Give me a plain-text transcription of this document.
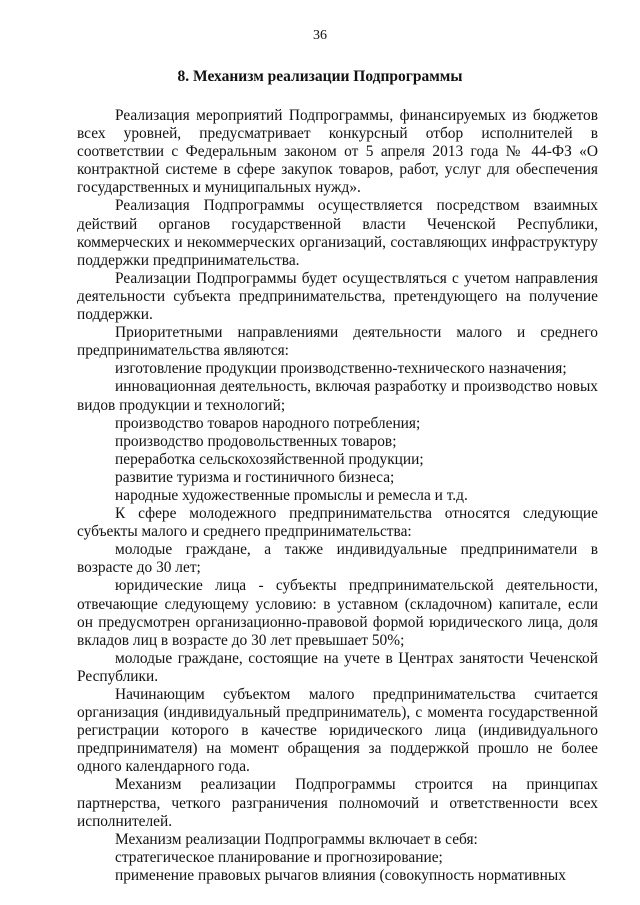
36
8. Механизм реализации Подпрограммы

Реализация мероприятий Подпрограммы, финансируемых из бюджетов всех уровней, предусматривает конкурсный отбор исполнителей в соответствии с Федеральным законом от 5 апреля 2013 года № 44-ФЗ «О контрактной системе в сфере закупок товаров, работ, услуг для обеспечения государственных и муниципальных нужд».

Реализация Подпрограммы осуществляется посредством взаимных действий органов государственной власти Чеченской Республики, коммерческих и некоммерческих организаций, составляющих инфраструктуру поддержки предпринимательства.

Реализации Подпрограммы будет осуществляться с учетом направления деятельности субъекта предпринимательства, претендующего на получение поддержки.

Приоритетными направлениями деятельности малого и среднего предпринимательства являются:

изготовление продукции производственно-технического назначения;

инновационная деятельность, включая разработку и производство новых видов продукции и технологий;

производство товаров народного потребления;

производство продовольственных товаров;

переработка сельскохозяйственной продукции;

развитие туризма и гостиничного бизнеса;

народные художественные промыслы и ремесла и т.д.

К сфере молодежного предпринимательства относятся следующие субъекты малого и среднего предпринимательства:

молодые граждане, а также индивидуальные предприниматели в возрасте до 30 лет;

юридические лица - субъекты предпринимательской деятельности, отвечающие следующему условию: в уставном (складочном) капитале, если он предусмотрен организационно-правовой формой юридического лица, доля вкладов лиц в возрасте до 30 лет превышает 50%;

молодые граждане, состоящие на учете в Центрах занятости Чеченской Республики.

Начинающим субъектом малого предпринимательства считается организация (индивидуальный предприниматель), с момента государственной регистрации которого в качестве юридического лица (индивидуального предпринимателя) на момент обращения за поддержкой прошло не более одного календарного года.

Механизм реализации Подпрограммы строится на принципах партнерства, четкого разграничения полномочий и ответственности всех исполнителей.

Механизм реализации Подпрограммы включает в себя:

стратегическое планирование и прогнозирование;

применение правовых рычагов влияния (совокупность нормативных
